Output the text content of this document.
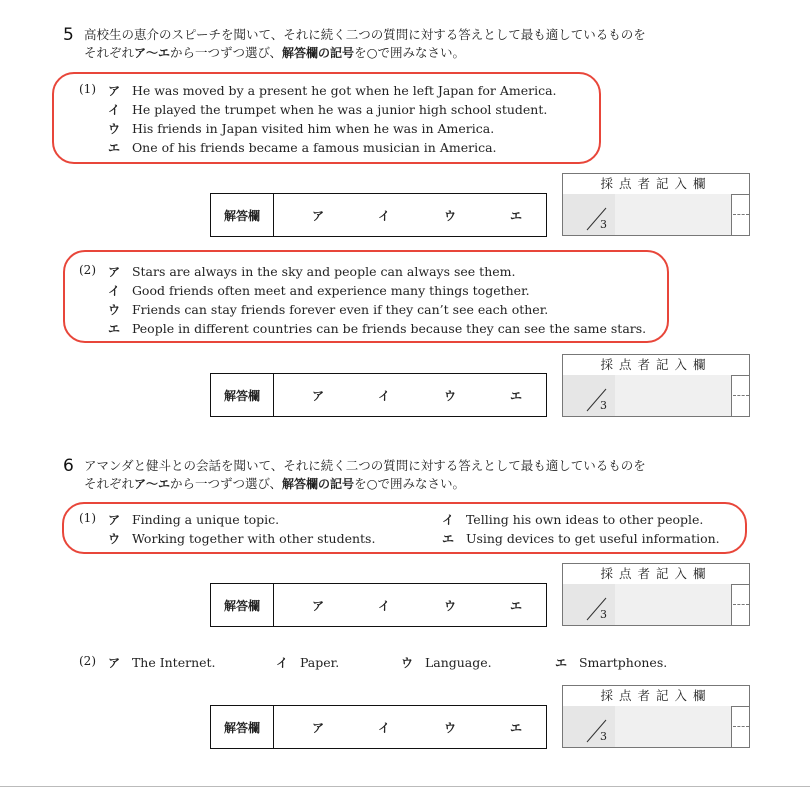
5 高校生の恵介のスピーチを聞いて、それに続く二つの質問に対する答えとして最も適しているものを
それぞれア～エから一つずつ選び、解答欄の記号を○で囲みなさい。
(1) ア He was moved by a present he got when he left Japan for America.
イ He played the trumpet when he was a junior high school student.
ウ His friends in Japan visited him when he was in America.
エ One of his friends became a famous musician in America.
解答欄	ア	イ	ウ	エ
採点者記入欄
3
(2) ア Stars are always in the sky and people can always see them.
イ Good friends often meet and experience many things together.
ウ Friends can stay friends forever even if they can’t see each other.
エ People in different countries can be friends because they can see the same stars.
解答欄	ア	イ	ウ	エ
採点者記入欄
3
6 アマンダと健斗との会話を聞いて、それに続く二つの質問に対する答えとして最も適しているものを
それぞれア～エから一つずつ選び、解答欄の記号を○で囲みなさい。
(1) ア Finding a unique topic.	イ Telling his own ideas to other people.
ウ Working together with other students.	エ Using devices to get useful information.
解答欄	ア	イ	ウ	エ
採点者記入欄
3
(2) ア The Internet.	イ Paper.	ウ Language.	エ Smartphones.
解答欄	ア	イ	ウ	エ
採点者記入欄
3
